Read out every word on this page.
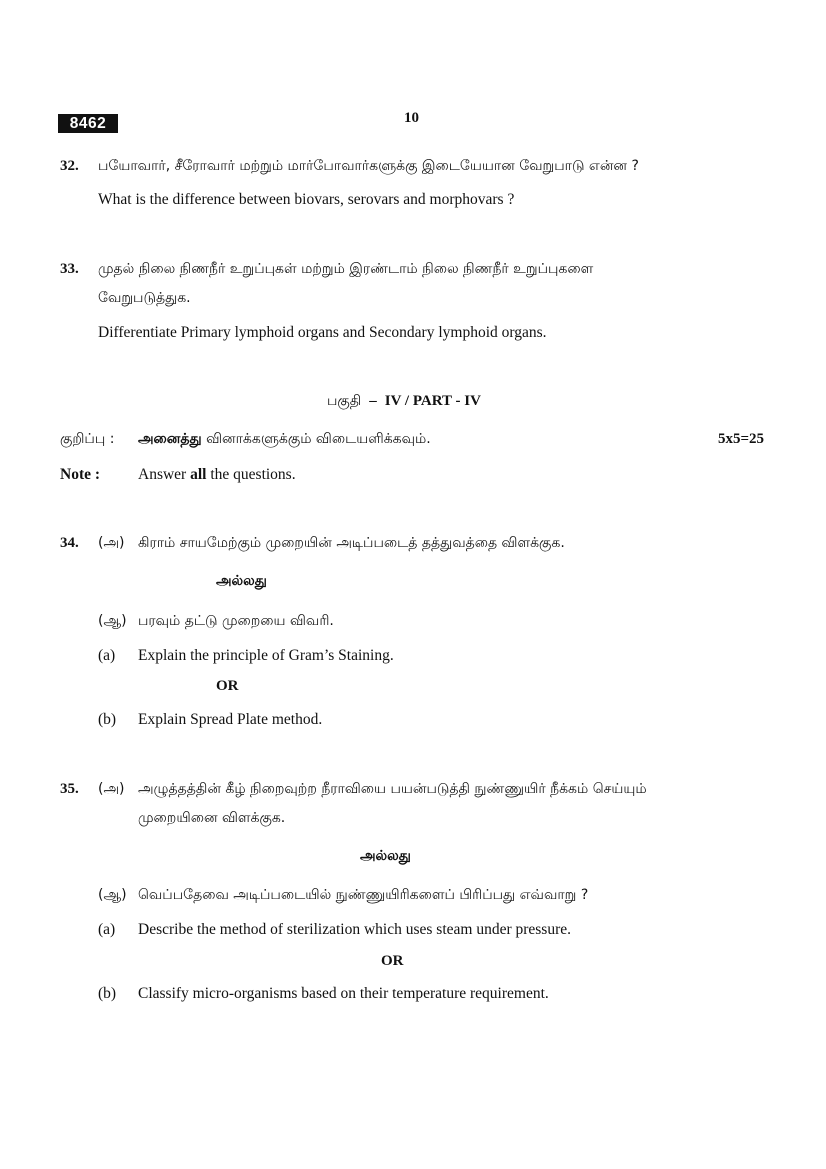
8462	10
32. பயோவார், சீரோவார் மற்றும் மார்போவார்களுக்கு இடையேயான வேறுபாடு என்ன ?
What is the difference between biovars, serovars and morphovars ?
33. முதல் நிலை நிணநீர் உறுப்புகள் மற்றும் இரண்டாம் நிலை நிணநீர் உறுப்புகளை
வேறுபடுத்துக.
Differentiate Primary lymphoid organs and Secondary lymphoid organs.
பகுதி – IV / PART - IV
குறிப்பு : அனைத்து வினாக்களுக்கும் விடையளிக்கவும்.	5x5=25
Note : Answer all the questions.
34. (அ) கிராம் சாயமேற்கும் முறையின் அடிப்படைத் தத்துவத்தை விளக்குக.
அல்லது
(ஆ) பரவும் தட்டு முறையை விவரி.
(a) Explain the principle of Gram’s Staining.
OR
(b) Explain Spread Plate method.
35. (அ) அழுத்தத்தின் கீழ் நிறைவுற்ற நீராவியை பயன்படுத்தி நுண்ணுயிர் நீக்கம் செய்யும்
முறையினை விளக்குக.
அல்லது
(ஆ) வெப்பதேவை அடிப்படையில் நுண்ணுயிரிகளைப் பிரிப்பது எவ்வாறு ?
(a) Describe the method of sterilization which uses steam under pressure.
OR
(b) Classify micro-organisms based on their temperature requirement.
